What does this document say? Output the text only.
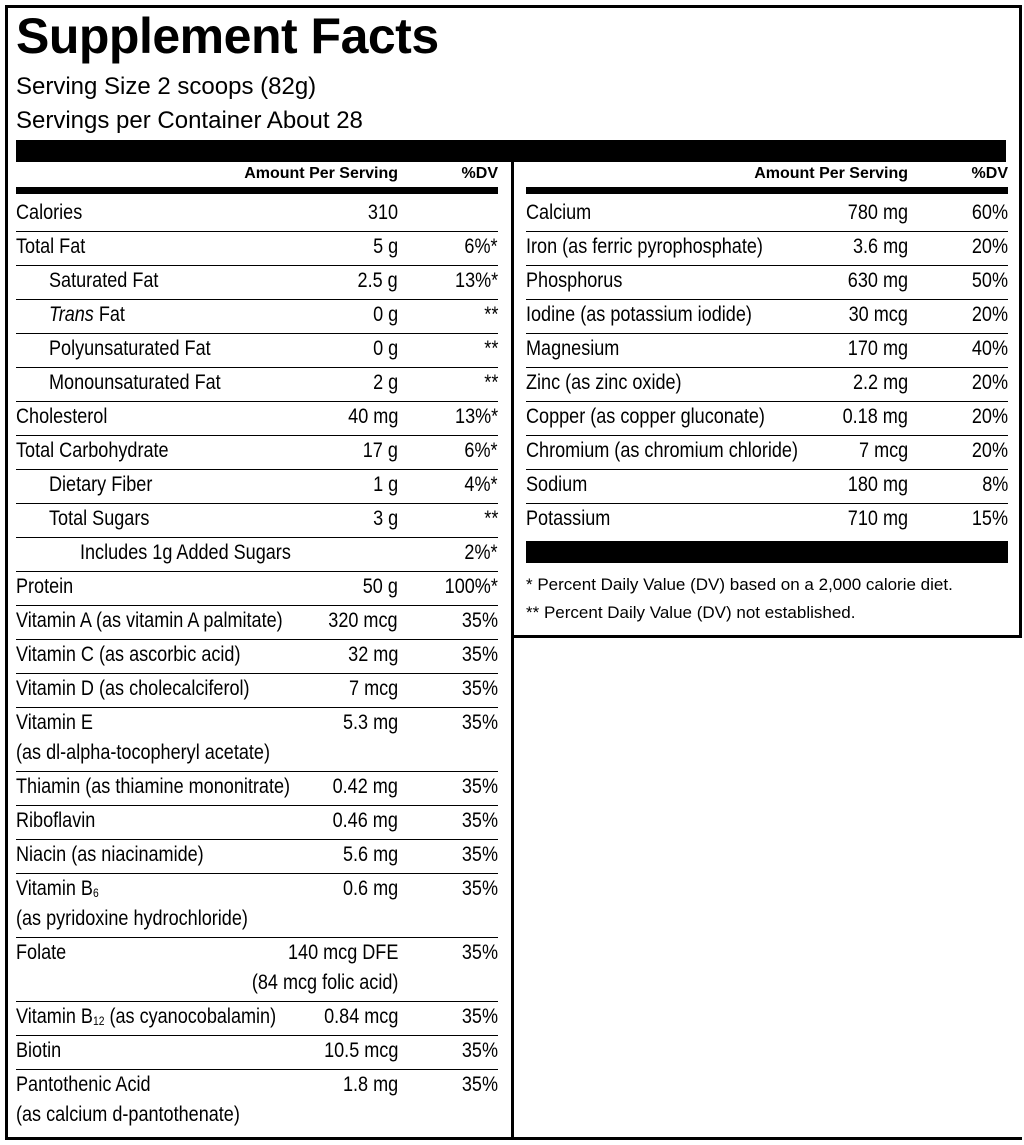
Supplement Facts
Serving Size 2 scoops (82g)
Servings per Container About 28
Amount Per Serving	%DV
Calories	310
Total Fat	5 g	6%*
Saturated Fat	2.5 g	13%*
Trans Fat	0 g	**
Polyunsaturated Fat	0 g	**
Monounsaturated Fat	2 g	**
Cholesterol	40 mg	13%*
Total Carbohydrate	17 g	6%*
Dietary Fiber	1 g	4%*
Total Sugars	3 g	**
Includes 1g Added Sugars	2%*
Protein	50 g	100%*
Vitamin A (as vitamin A palmitate)	320 mcg	35%
Vitamin C (as ascorbic acid)	32 mg	35%
Vitamin D (as cholecalciferol)	7 mcg	35%
Vitamin E	5.3 mg	35%
(as dl-alpha-tocopheryl acetate)
Thiamin (as thiamine mononitrate)	0.42 mg	35%
Riboflavin	0.46 mg	35%
Niacin (as niacinamide)	5.6 mg	35%
Vitamin $B_6$	0.6 mg	35%
(as pyridoxine hydrochloride)
Folate	140 mcg DFE	35%
(84 mcg folic acid)
Vitamin $B_{12}$ (as cyanocobalamin)	0.84 mcg	35%
Biotin	10.5 mcg	35%
Pantothenic Acid	1.8 mg	35%
(as calcium d-pantothenate)
Amount Per Serving	%DV
Calcium	780 mg	60%
Iron (as ferric pyrophosphate)	3.6 mg	20%
Phosphorus	630 mg	50%
Iodine (as potassium iodide)	30 mcg	20%
Magnesium	170 mg	40%
Zinc (as zinc oxide)	2.2 mg	20%
Copper (as copper gluconate)	0.18 mg	20%
Chromium (as chromium chloride)	7 mcg	20%
Sodium	180 mg	8%
Potassium	710 mg	15%
* Percent Daily Value (DV) based on a 2,000 calorie diet.
** Percent Daily Value (DV) not established.
